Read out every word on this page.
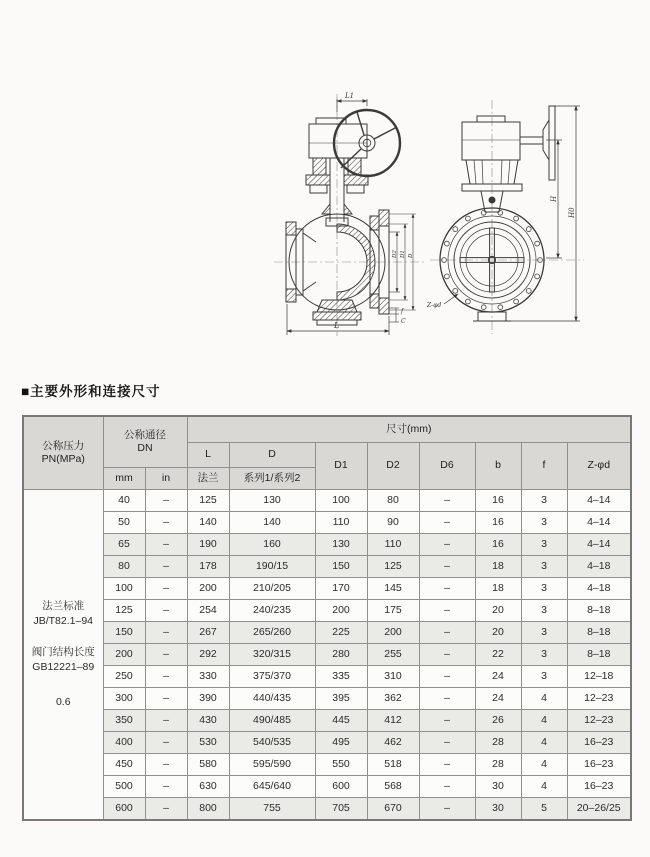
L1
L
D2 D1 D
f
C
H
H0
Z-φd
■主要外形和连接尺寸
公称压力
PN(MPa)

公称通径
DN
	尺寸(mm)
			L	D	D1	D2	D6	b	f	Z-φd
	mm	in	法兰	系列1/系列2						

法兰标准
JB/T82.1–94
阀门结构长度
GB12221–89
0.6	40	–	125	130	100	80	–	16	3	4–14
	50	–	140	140	110	90	–	16	3	4–14
	65	–	190	160	130	110	–	16	3	4–14
	80	–	178	190/15	150	125	–	18	3	4–18
	100	–	200	210/205	170	145	–	18	3	4–18
	125	–	254	240/235	200	175	–	20	3	8–18
	150	–	267	265/260	225	200	–	20	3	8–18
	200	–	292	320/315	280	255	–	22	3	8–18
	250	–	330	375/370	335	310	–	24	3	12–18
	300	–	390	440/435	395	362	–	24	4	12–23
	350	–	430	490/485	445	412	–	26	4	12–23
	400	–	530	540/535	495	462	–	28	4	16–23
	450	–	580	595/590	550	518	–	28	4	16–23
	500	–	630	645/640	600	568	–	30	4	16–23
	600	–	800	755	705	670	–	30	5	20–26/25
